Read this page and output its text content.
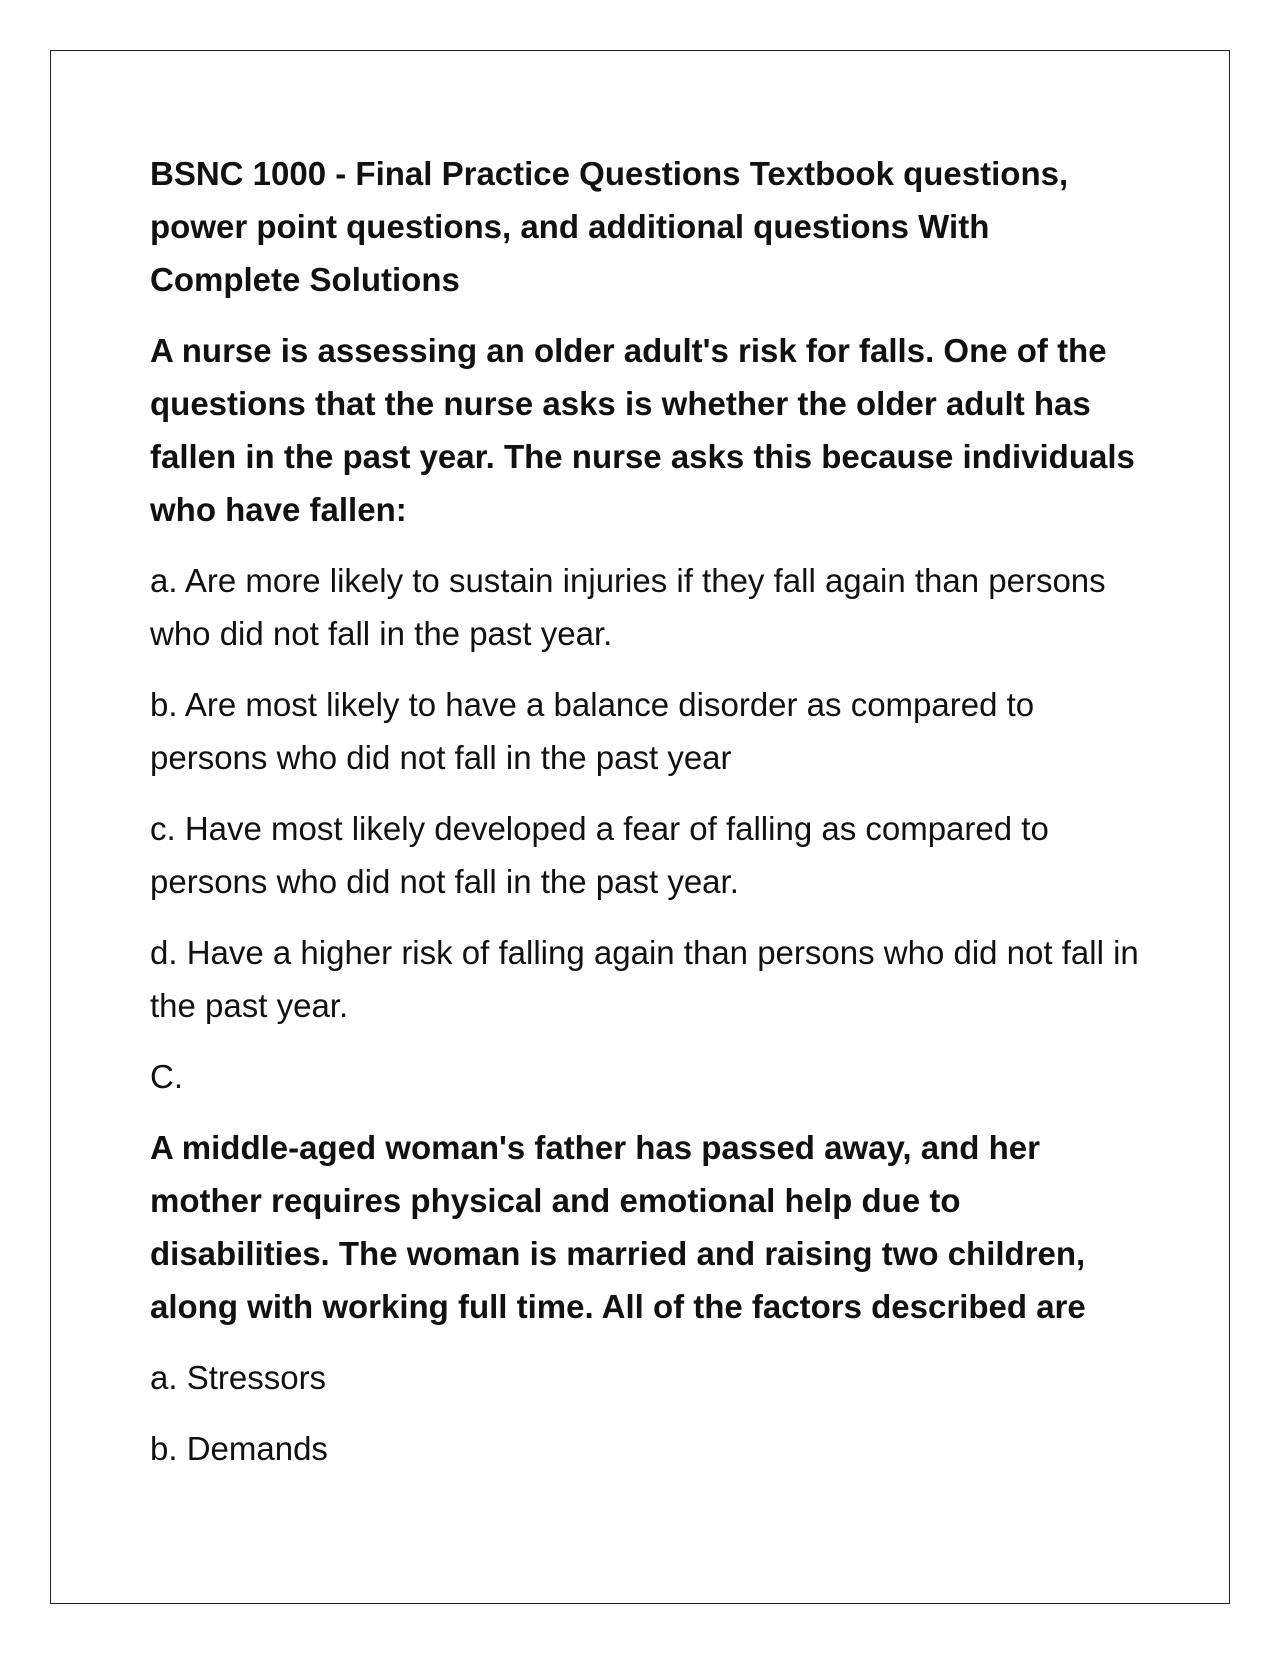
BSNC 1000 - Final Practice Questions Textbook questions, power point questions, and additional questions With Complete Solutions

A nurse is assessing an older adult's risk for falls. One of the questions that the nurse asks is whether the older adult has fallen in the past year. The nurse asks this because individuals who have fallen:

a. Are more likely to sustain injuries if they fall again than persons who did not fall in the past year.

b. Are most likely to have a balance disorder as compared to persons who did not fall in the past year

c. Have most likely developed a fear of falling as compared to persons who did not fall in the past year.

d. Have a higher risk of falling again than persons who did not fall in the past year.

C.

A middle-aged woman's father has passed away, and her mother requires physical and emotional help due to disabilities. The woman is married and raising two children, along with working full time. All of the factors described are

a. Stressors

b. Demands
